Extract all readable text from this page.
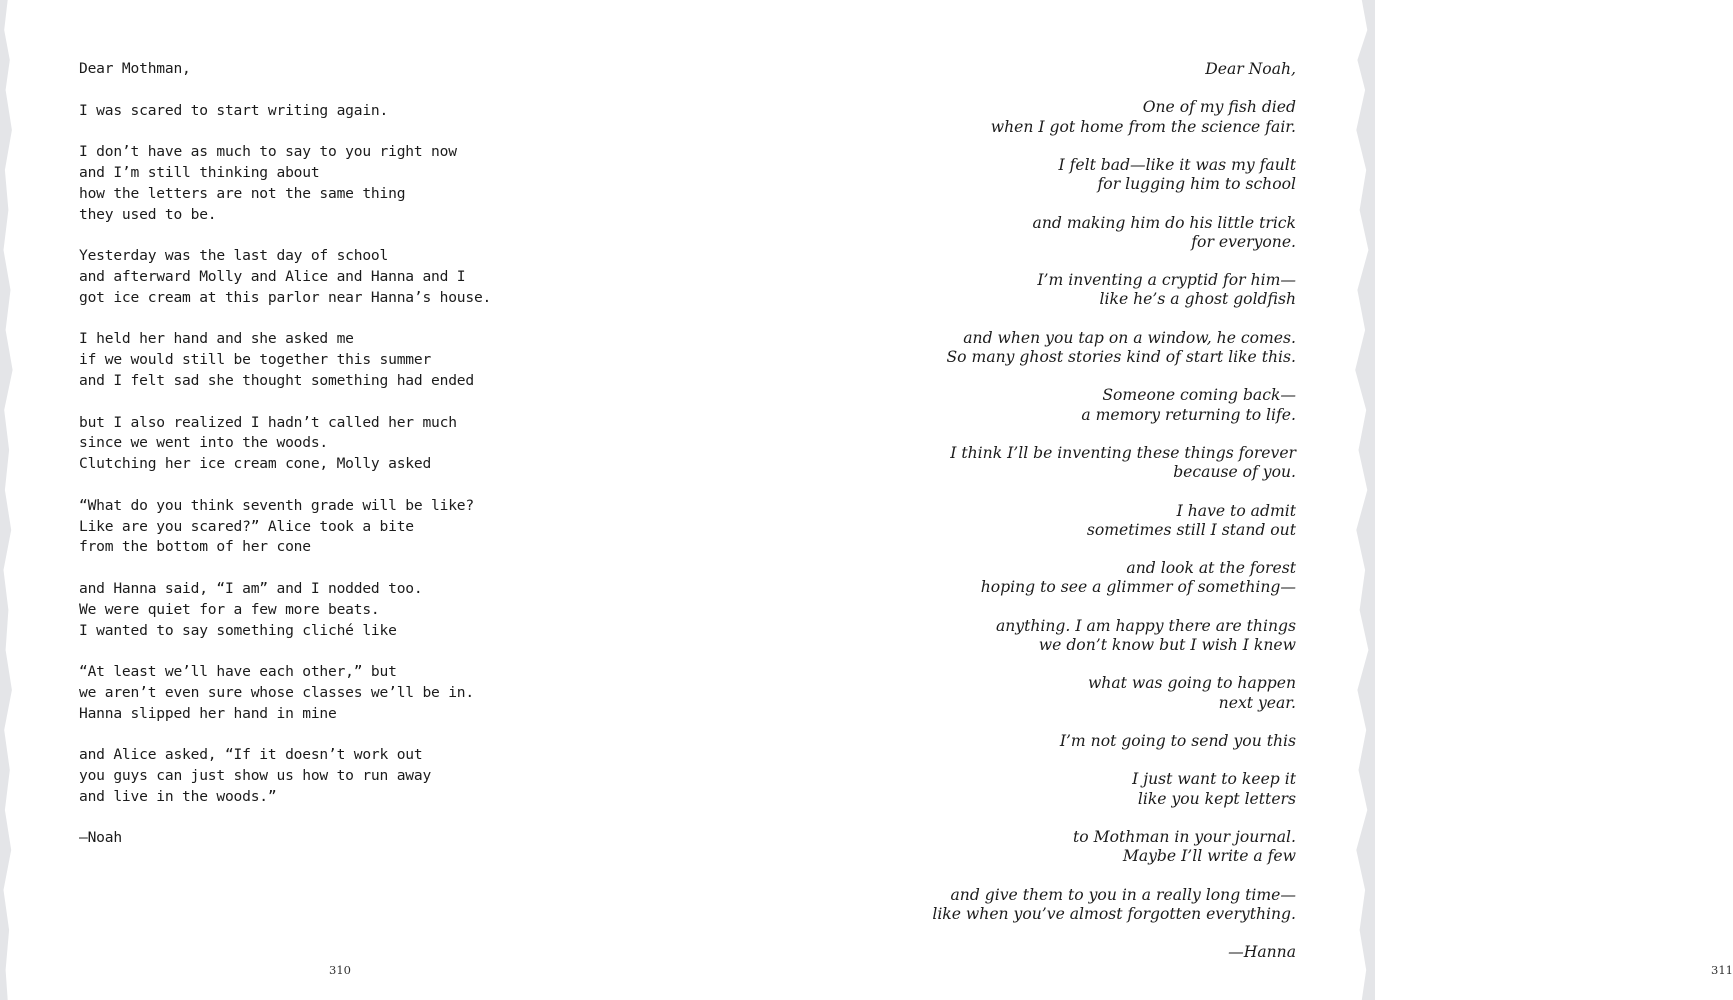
Dear Mothman,
I was scared to start writing again.
I don’t have as much to say to you right now
and I’m still thinking about
how the letters are not the same thing
they used to be.
Yesterday was the last day of school
and afterward Molly and Alice and Hanna and I
got ice cream at this parlor near Hanna’s house.
I held her hand and she asked me
if we would still be together this summer
and I felt sad she thought something had ended
but I also realized I hadn’t called her much
since we went into the woods.
Clutching her ice cream cone, Molly asked
“What do you think seventh grade will be like?
Like are you scared?” Alice took a bite
from the bottom of her cone
and Hanna said, “I am” and I nodded too.
We were quiet for a few more beats.
I wanted to say something cliché like
“At least we’ll have each other,” but
we aren’t even sure whose classes we’ll be in.
Hanna slipped her hand in mine
and Alice asked, “If it doesn’t work out
you guys can just show us how to run away
and live in the woods.”
—Noah
310
Dear Noah,
One of my fish died
when I got home from the science fair.
I felt bad—like it was my fault
for lugging him to school
and making him do his little trick
for everyone.
I’m inventing a cryptid for him—
like he’s a ghost goldfish
and when you tap on a window, he comes.
So many ghost stories kind of start like this.
Someone coming back—
a memory returning to life.
I think I’ll be inventing these things forever
because of you.
I have to admit
sometimes still I stand out
and look at the forest
hoping to see a glimmer of something—
anything. I am happy there are things
we don’t know but I wish I knew
what was going to happen
next year.
I’m not going to send you this
I just want to keep it
like you kept letters
to Mothman in your journal.
Maybe I’ll write a few
and give them to you in a really long time—
like when you’ve almost forgotten everything.
—Hanna
311
